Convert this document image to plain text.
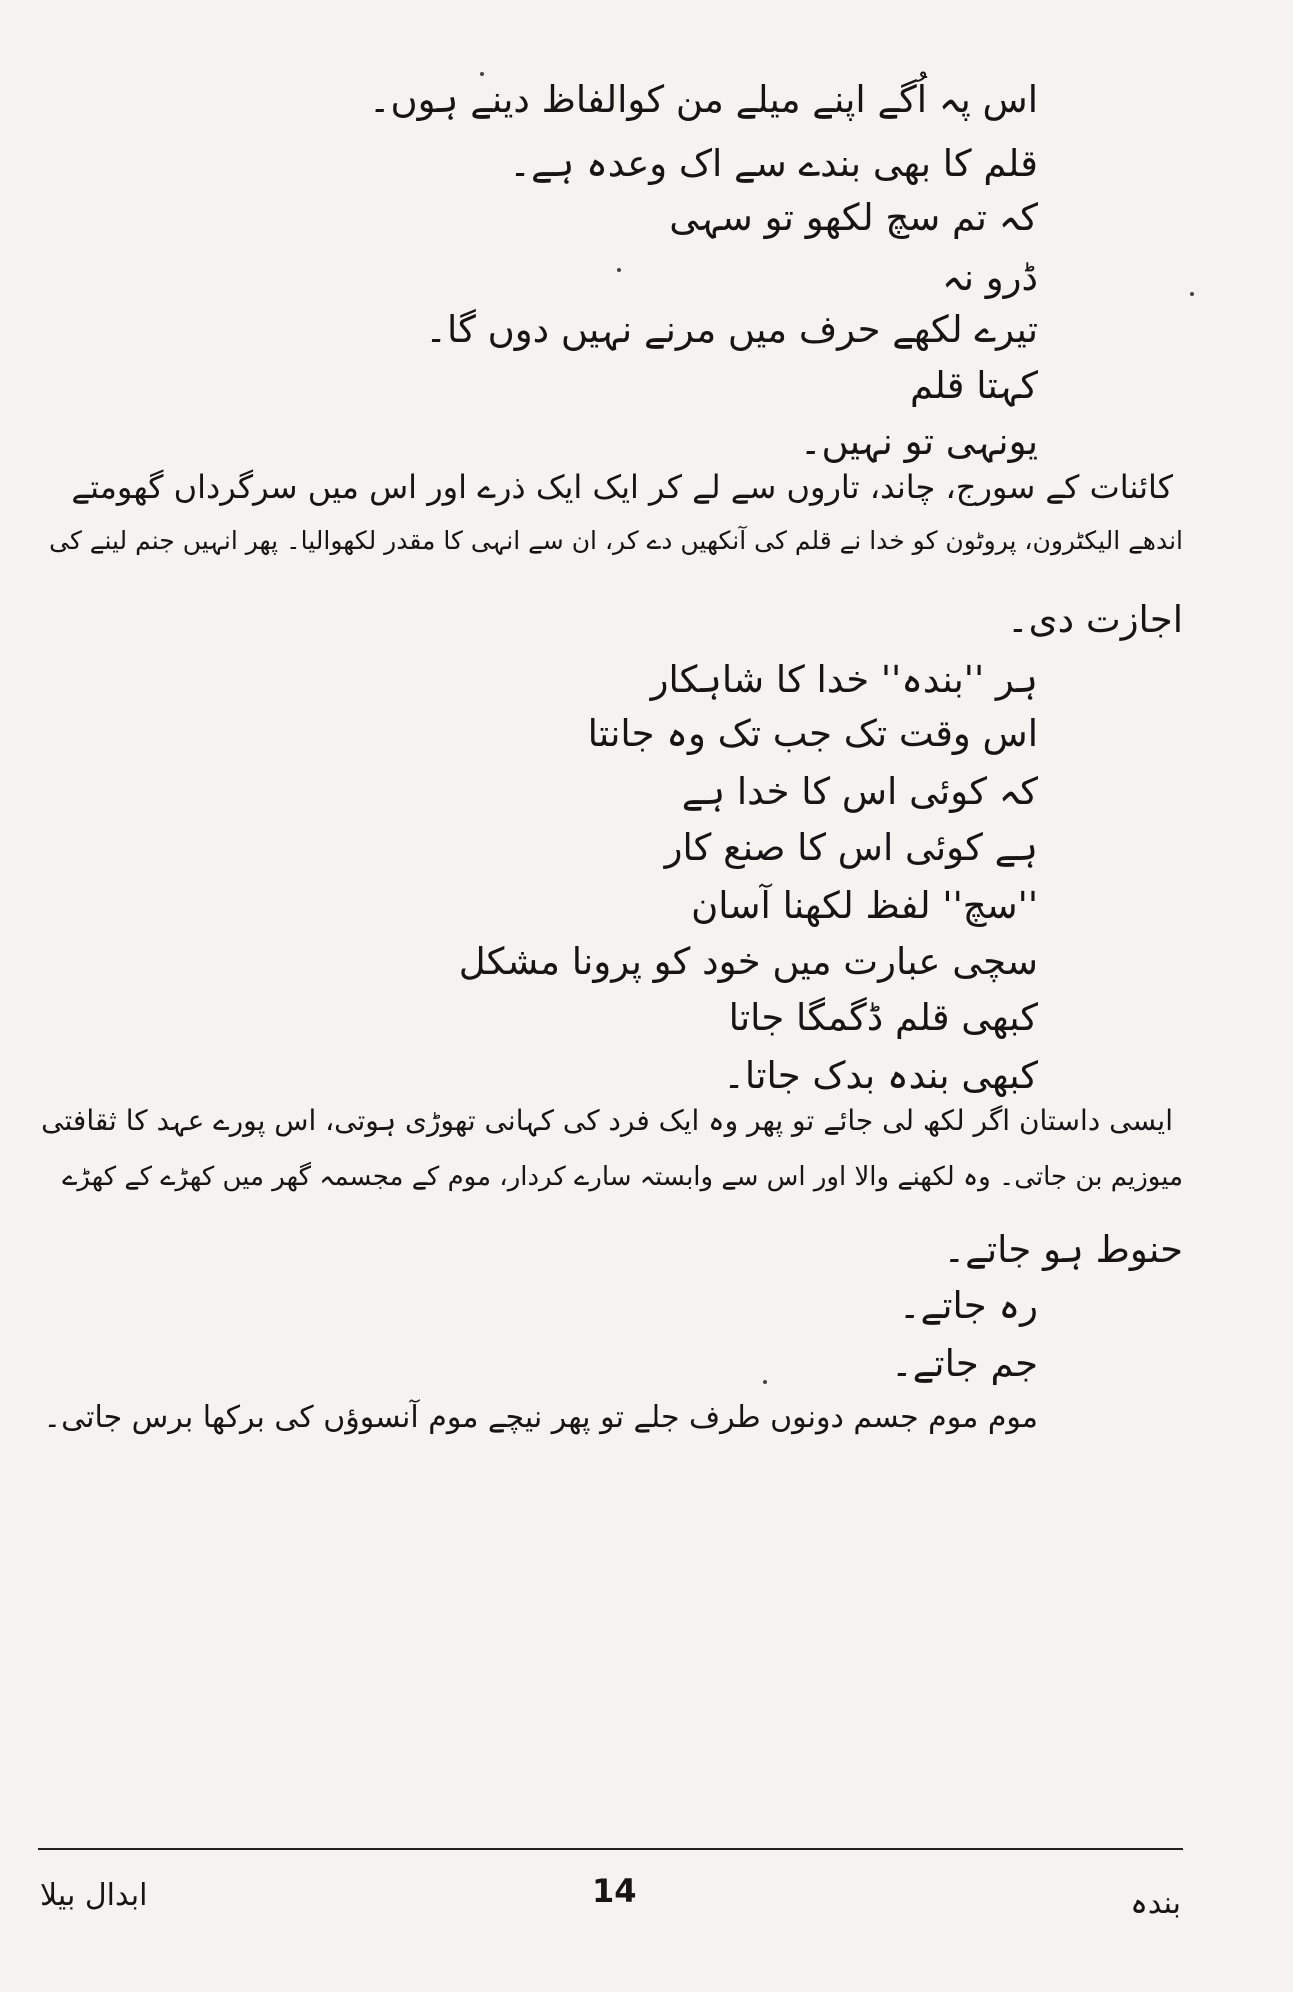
اس پہ اُگے اپنے میلے من کوالفاظ دینے ہوں۔
قلم کا بھی بندے سے اک وعدہ ہے۔
کہ تم سچ لکھو تو سہی
ڈرو نہ
تیرے لکھے حرف میں مرنے نہیں دوں گا۔
کہتا قلم
یونہی تو نہیں۔
کائنات کے سورج، چاند، تاروں سے لے کر ایک ایک ذرے اور اس میں سرگرداں گھومتے
اندھے الیکٹرون، پروٹون کو خدا نے قلم کی آنکھیں دے کر، ان سے انہی کا مقدر لکھوالیا۔ پھر انہیں جنم لینے کی
اجازت دی۔
ہر ''بندہ'' خدا کا شاہکار
اس وقت تک جب تک وہ جانتا
کہ کوئی اس کا خدا ہے
ہے کوئی اس کا صنع کار
''سچ'' لفظ لکھنا آسان
سچی عبارت میں خود کو پرونا مشکل
کبھی قلم ڈگمگا جاتا
کبھی بندہ بدک جاتا۔
ایسی داستان اگر لکھ لی جائے تو پھر وہ ایک فرد کی کہانی تھوڑی ہوتی، اس پورے عہد کا ثقافتی
میوزیم بن جاتی۔ وہ لکھنے والا اور اس سے وابستہ سارے کردار، موم کے مجسمہ گھر میں کھڑے کے کھڑے
حنوط ہو جاتے۔
رہ جاتے۔
جم جاتے۔
موم موم جسم دونوں طرف جلے تو پھر نیچے موم آنسوؤں کی برکھا برس جاتی۔
بندہ
14
ابدال بیلا
